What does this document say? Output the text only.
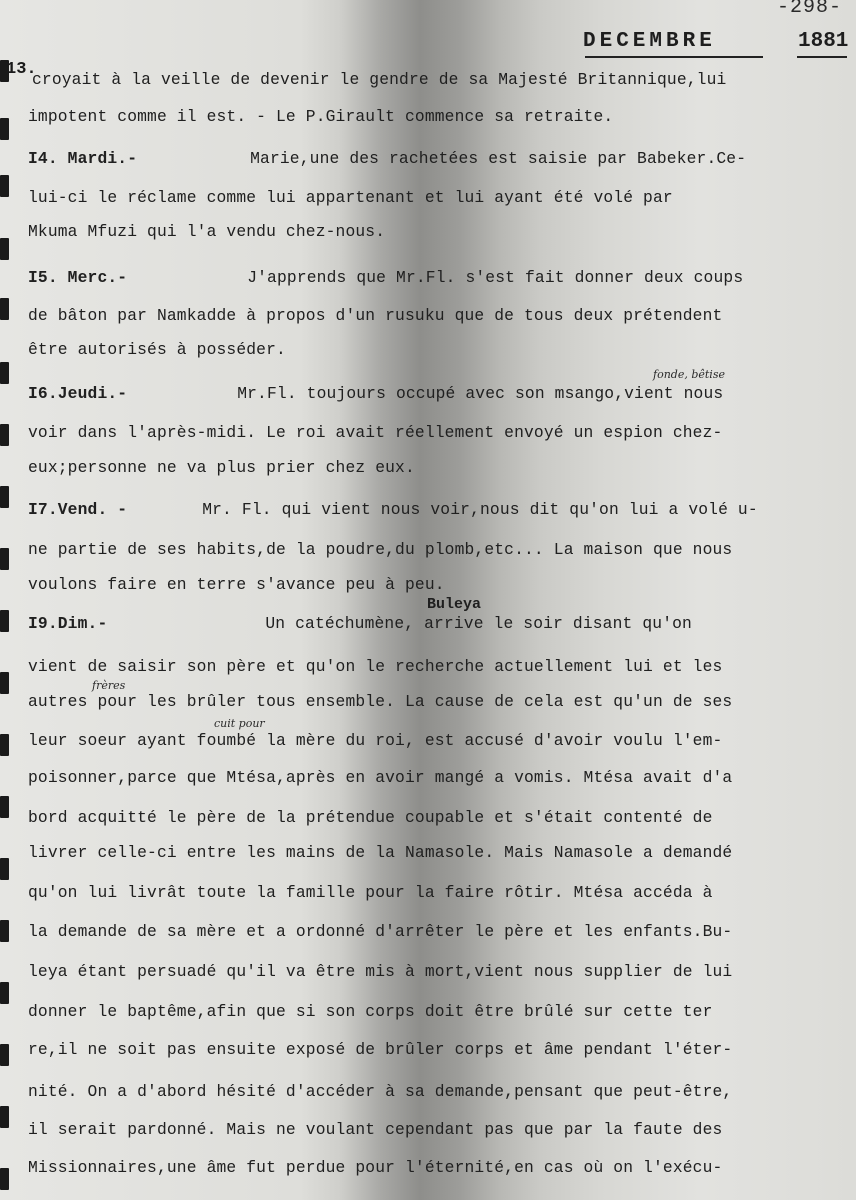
-298-
DECEMBRE	1881
13.
croyait à la veille de devenir le gendre de sa Majesté Britannique,lui
impotent comme il est. - Le P.Girault commence sa retraite.
I4. Mardi.-	Marie,une des rachetées est saisie par Babeker.Ce-
lui-ci le réclame comme lui appartenant et lui ayant été volé par
Mkuma Mfuzi qui l'a vendu chez-nous.
I5. Merc.-	J'apprends que Mr.Fl. s'est fait donner deux coups
de bâton par Namkadde à propos d'un rusuku que de tous deux prétendent
être autorisés à posséder.
I6.Jeudi.-	Mr.Fl. toujours occupé avec son msango,vient nous
fonde, bêtise
voir dans l'après-midi. Le roi avait réellement envoyé un espion chez-
eux;personne ne va plus prier chez eux.
I7.Vend. -	Mr. Fl. qui vient nous voir,nous dit qu'on lui a volé u-
ne partie de ses habits,de la poudre,du plomb,etc... La maison que nous
voulons faire en terre s'avance peu à peu.
Buleya
I9.Dim.-	Un catéchumène, arrive le soir disant qu'on
vient de saisir son père et qu'on le recherche actuellement lui et les
frères
autres pour les brûler tous ensemble. La cause de cela est qu'un de ses
cuit pour
leur soeur ayant foumbé la mère du roi, est accusé d'avoir voulu l'em-
poisonner,parce que Mtésa,après en avoir mangé a vomis. Mtésa avait d'a
bord acquitté le père de la prétendue coupable et s'était contenté de
livrer celle-ci entre les mains de la Namasole. Mais Namasole a demandé
qu'on lui livrât toute la famille pour la faire rôtir. Mtésa accéda à
la demande de sa mère et a ordonné d'arrêter le père et les enfants.Bu-
leya étant persuadé qu'il va être mis à mort,vient nous supplier de lui
donner le baptême,afin que si son corps doit être brûlé sur cette ter
re,il ne soit pas ensuite exposé de brûler corps et âme pendant l'éter-
nité. On a d'abord hésité d'accéder à sa demande,pensant que peut-être,
il serait pardonné. Mais ne voulant cependant pas que par la faute des
Missionnaires,une âme fut perdue pour l'éternité,en cas où on l'exécu-
